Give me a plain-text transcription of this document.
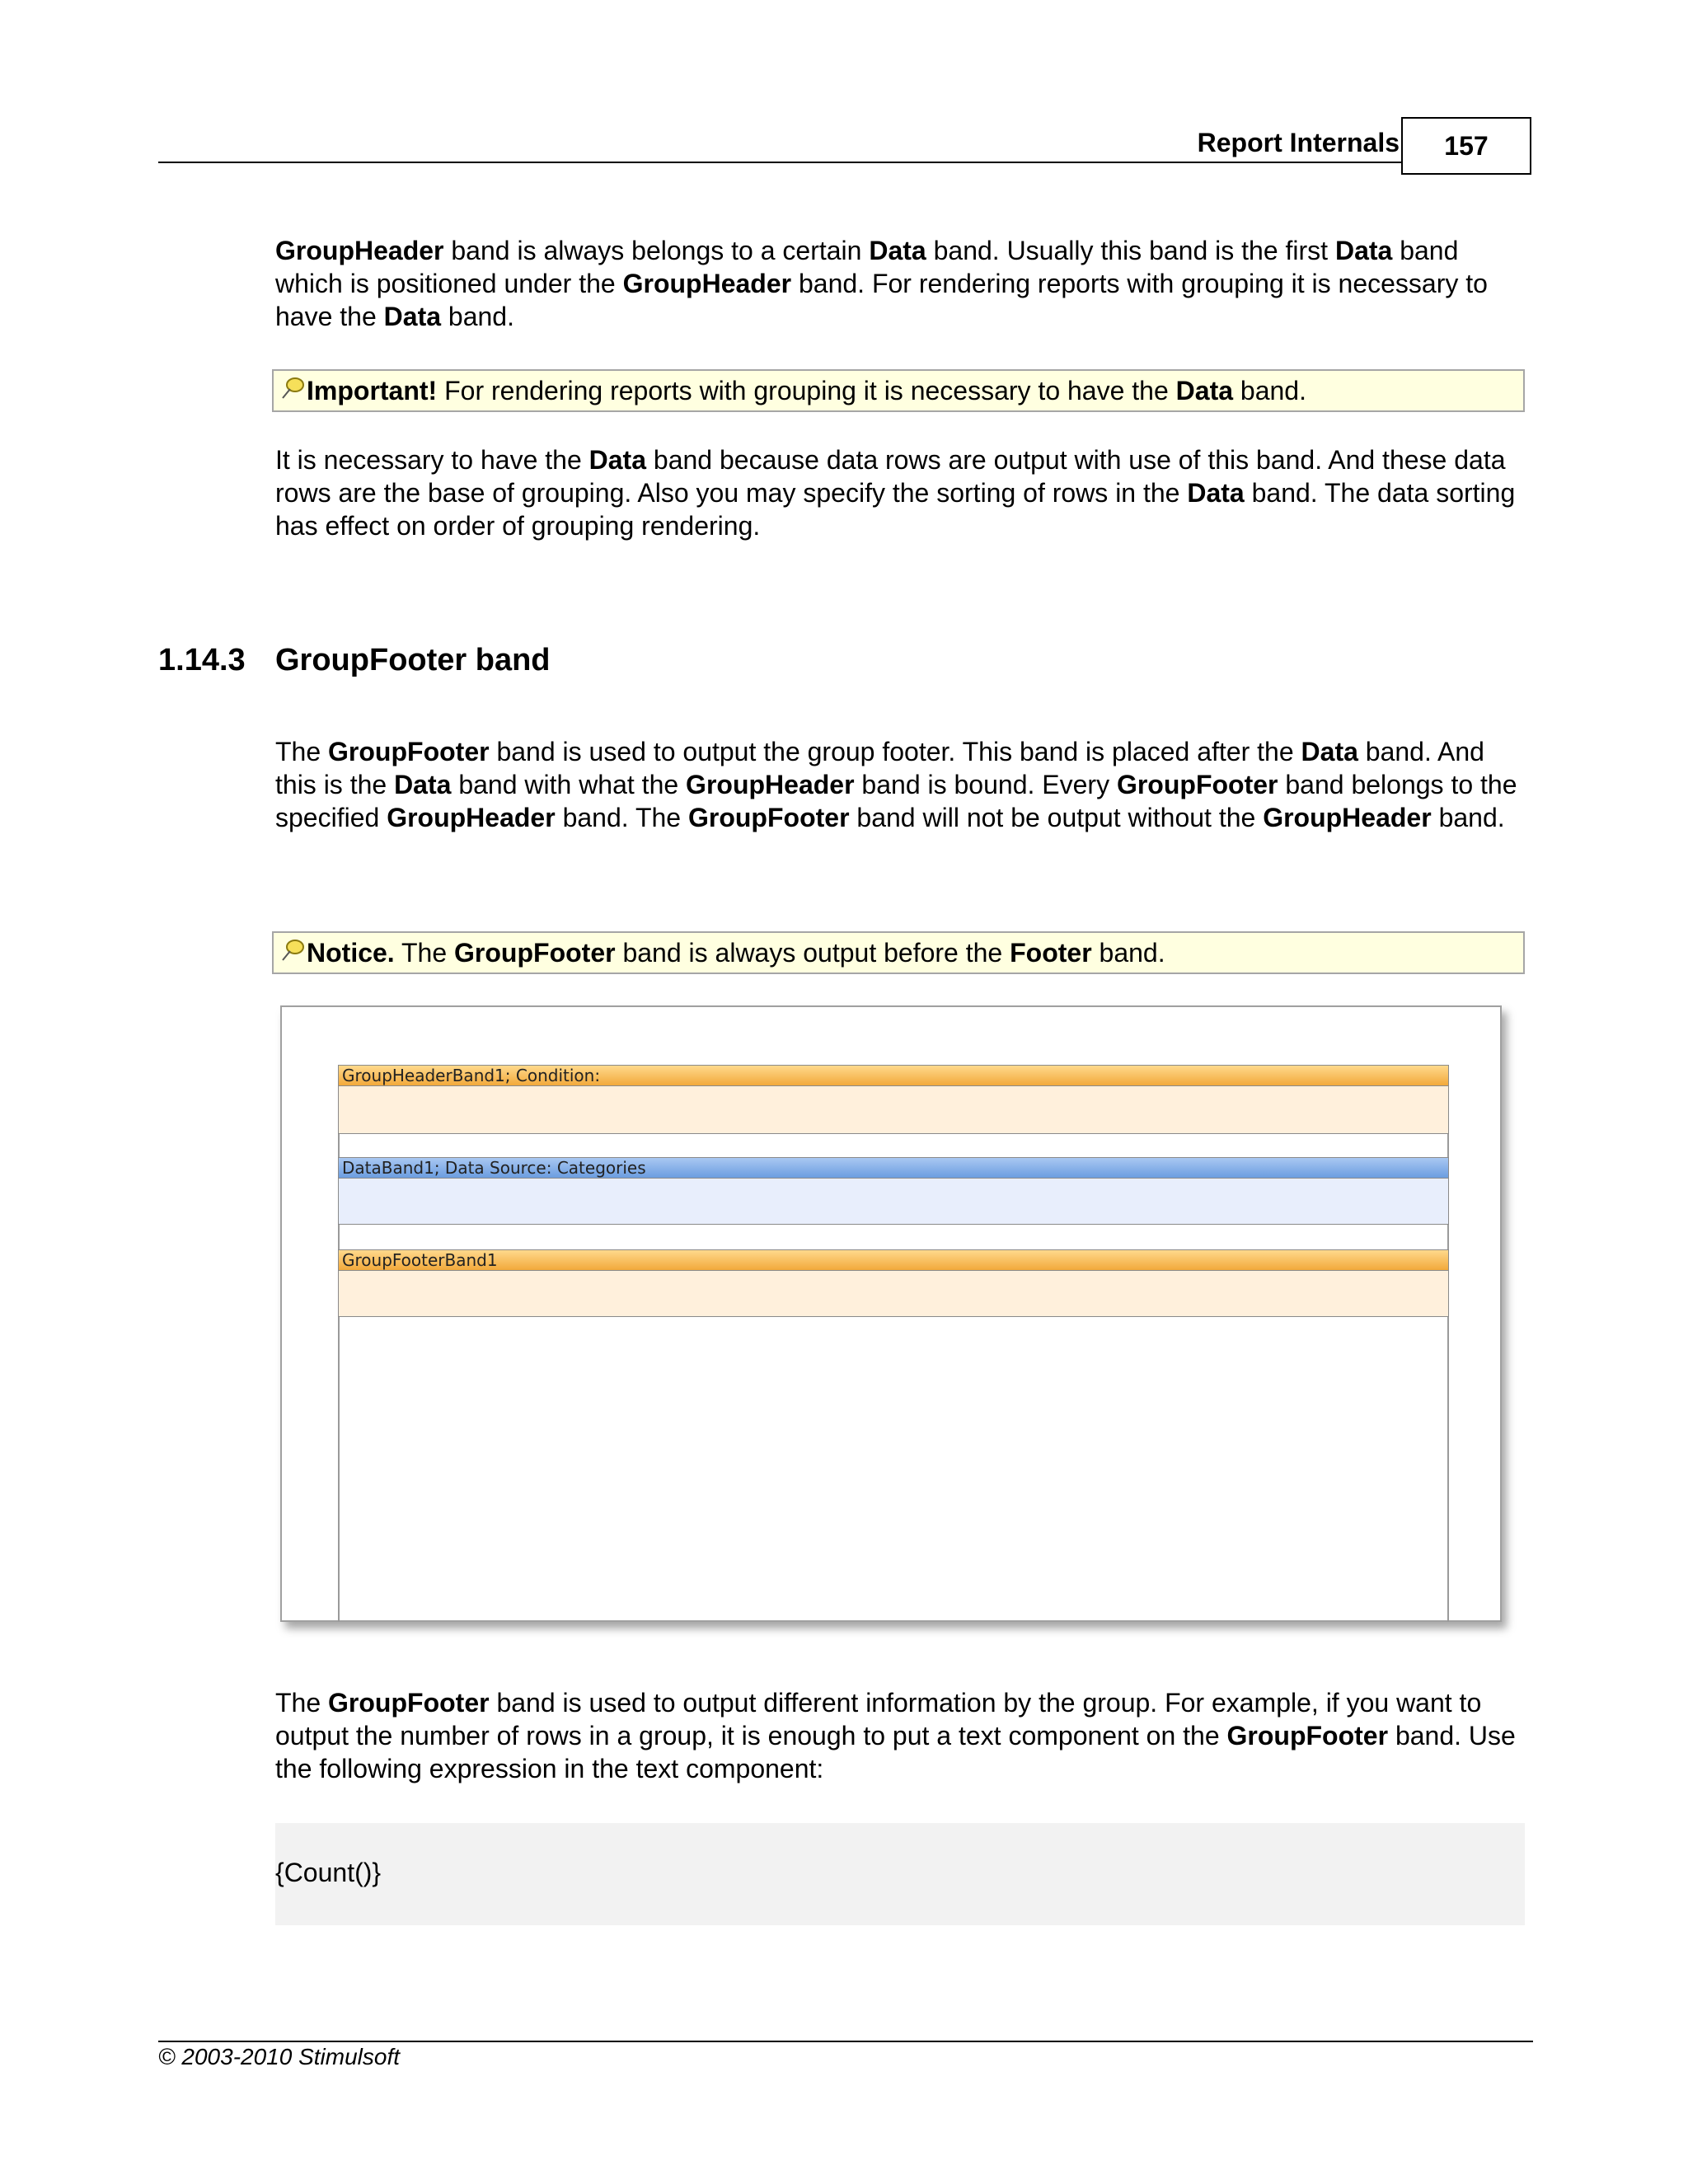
Report Internals	157

GroupHeader band is always belongs to a certain Data band. Usually this band is the first Data band which is positioned under the GroupHeader band. For rendering reports with grouping it is necessary to have the Data band.

Important! For rendering reports with grouping it is necessary to have the Data band.

It is necessary to have the Data band because data rows are output with use of this band. And these data rows are the base of grouping. Also you may specify the sorting of rows in the Data band. The data sorting has effect on order of grouping rendering.

1.14.3 GroupFooter band

The GroupFooter band is used to output the group footer. This band is placed after the Data band. And this is the Data band with what the GroupHeader band is bound. Every GroupFooter band belongs to the specified GroupHeader band. The GroupFooter band will not be output without the GroupHeader band.

Notice. The GroupFooter band is always output before the Footer band.
GroupHeaderBand1; Condition:
DataBand1; Data Source: Categories
GroupFooterBand1

The GroupFooter band is used to output different information by the group. For example, if you want to output the number of rows in a group, it is enough to put a text component on the GroupFooter band. Use the following expression in the text component:

{Count()}
© 2003-2010 Stimulsoft
